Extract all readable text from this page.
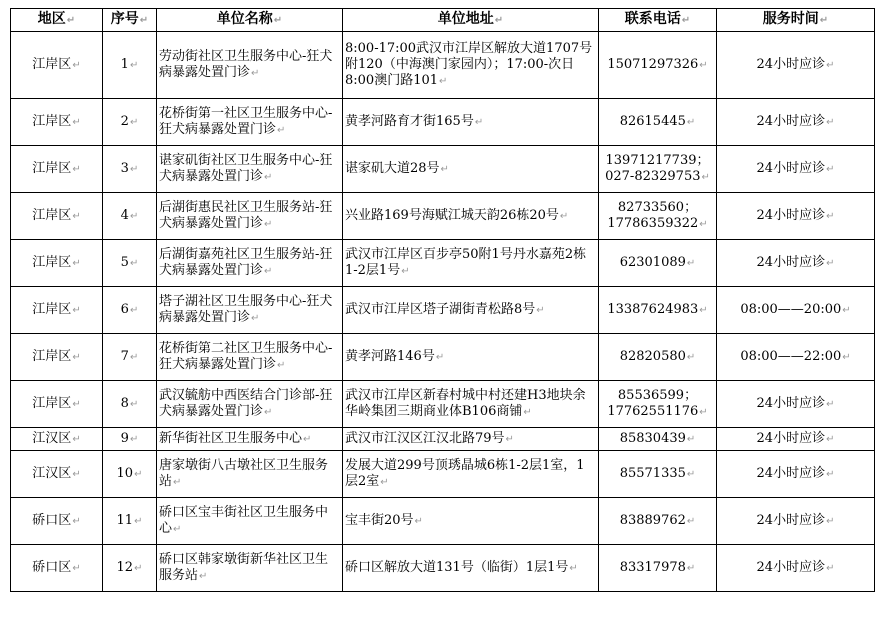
地区↵	序号↵	单位名称↵	单位地址↵	联系电话↵	服务时间↵
江岸区↵	1↵	劳动街社区卫生服务中心-狂犬病暴露处置门诊↵	8:00-17:00武汉市江岸区解放大道1707号附120（中海澳门家园内）；17:00-次日8:00澳门路101↵	15071297326↵	24小时应诊↵
江岸区↵	2↵	花桥街第一社区卫生服务中心-狂犬病暴露处置门诊↵	黄孝河路育才街165号↵	82615445↵	24小时应诊↵
江岸区↵	3↵	谌家矶街社区卫生服务中心-狂犬病暴露处置门诊↵	谌家矶大道28号↵	13971217739；027-82329753↵	24小时应诊↵
江岸区↵	4↵	后湖街惠民社区卫生服务站-狂犬病暴露处置门诊↵	兴业路169号海赋江城天韵26栋20号↵	82733560；17786359322↵	24小时应诊↵
江岸区↵	5↵	后湖街嘉苑社区卫生服务站-狂犬病暴露处置门诊↵	武汉市江岸区百步亭50附1号丹水嘉苑2栋1-2层1号↵	62301089↵	24小时应诊↵
江岸区↵	6↵	塔子湖社区卫生服务中心-狂犬病暴露处置门诊↵	武汉市江岸区塔子湖街青松路8号↵	13387624983↵	08:00——20:00↵
江岸区↵	7↵	花桥街第二社区卫生服务中心-狂犬病暴露处置门诊↵	黄孝河路146号↵	82820580↵	08:00——22:00↵
江岸区↵	8↵	武汉毓舫中西医结合门诊部-狂犬病暴露处置门诊↵	武汉市江岸区新春村城中村还建H3地块余华岭集团三期商业体B106商铺↵	85536599；17762551176↵	24小时应诊↵
江汉区↵	9↵	新华街社区卫生服务中心↵	武汉市江汉区江汉北路79号↵	85830439↵	24小时应诊↵
江汉区↵	10↵	唐家墩街八古墩社区卫生服务站↵	发展大道299号顶琇晶城6栋1-2层1室，1层2室↵	85571335↵	24小时应诊↵
硚口区↵	11↵	硚口区宝丰街社区卫生服务中心↵	宝丰街20号↵	83889762↵	24小时应诊↵
硚口区↵	12↵	硚口区韩家墩街新华社区卫生服务站↵	硚口区解放大道131号（临街）1层1号↵	83317978↵	24小时应诊↵
